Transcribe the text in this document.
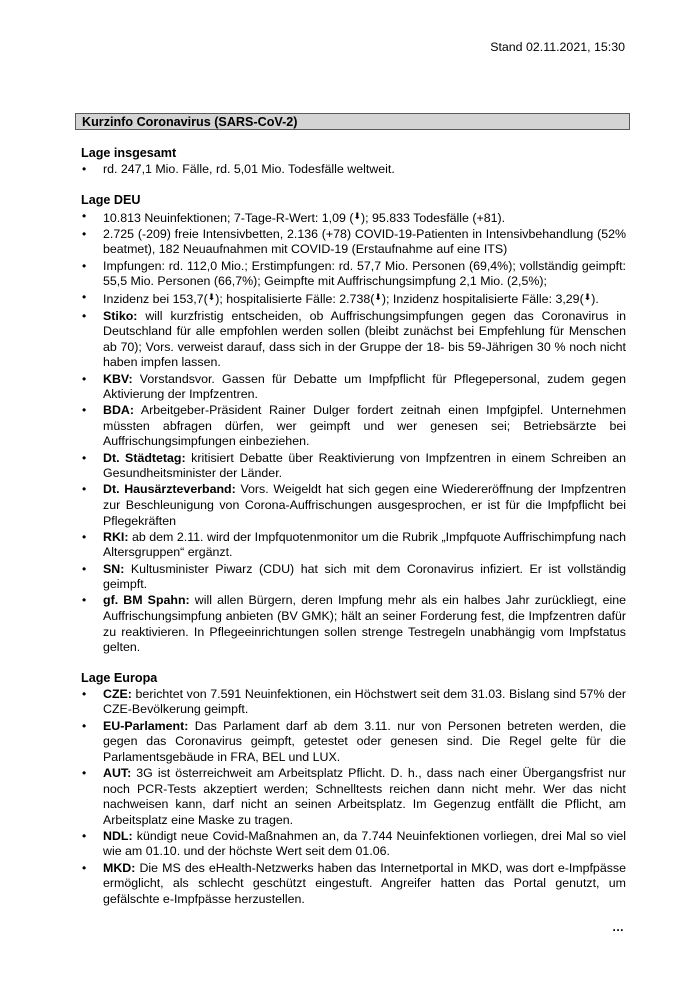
Stand 02.11.2021, 15:30
Kurzinfo Coronavirus (SARS-CoV-2)
Lage insgesamt
• rd. 247,1 Mio. Fälle, rd. 5,01 Mio. Todesfälle weltweit.
Lage DEU
• 10.813 Neuinfektionen; 7-Tage-R-Wert: 1,09 (⬇); 95.833 Todesfälle (+81).
• 2.725 (-209) freie Intensivbetten, 2.136 (+78) COVID-19-Patienten in Intensivbehandlung (52% beatmet), 182 Neuaufnahmen mit COVID-19 (Erstaufnahme auf eine ITS)
• Impfungen: rd. 112,0 Mio.; Erstimpfungen: rd. 57,7 Mio. Personen (69,4%); vollständig geimpft: 55,5 Mio. Personen (66,7%); Geimpfte mit Auffrischungsimpfung 2,1 Mio. (2,5%);
• Inzidenz bei 153,7(⬇); hospitalisierte Fälle: 2.738(⬇); Inzidenz hospitalisierte Fälle: 3,29(⬇).
• Stiko: will kurzfristig entscheiden, ob Auffrischungsimpfungen gegen das Coronavirus in Deutschland für alle empfohlen werden sollen (bleibt zunächst bei Empfehlung für Menschen ab 70); Vors. verweist darauf, dass sich in der Gruppe der 18- bis 59-Jährigen 30 % noch nicht haben impfen lassen.
• KBV: Vorstandsvor. Gassen für Debatte um Impfpflicht für Pflegepersonal, zudem gegen Aktivierung der Impfzentren.
• BDA: Arbeitgeber-Präsident Rainer Dulger fordert zeitnah einen Impfgipfel. Unternehmen müssten abfragen dürfen, wer geimpft und wer genesen sei; Betriebsärzte bei Auffrischungsimpfungen einbeziehen.
• Dt. Städtetag: kritisiert Debatte über Reaktivierung von Impfzentren in einem Schreiben an Gesundheitsminister der Länder.
• Dt. Hausärzteverband: Vors. Weigeldt hat sich gegen eine Wiedereröffnung der Impfzentren zur Beschleunigung von Corona-Auffrischungen ausgesprochen, er ist für die Impfpflicht bei Pflegekräften
• RKI: ab dem 2.11. wird der Impfquotenmonitor um die Rubrik „Impfquote Auffrischimpfung nach Altersgruppen“ ergänzt.
• SN: Kultusminister Piwarz (CDU) hat sich mit dem Coronavirus infiziert. Er ist vollständig geimpft.
• gf. BM Spahn: will allen Bürgern, deren Impfung mehr als ein halbes Jahr zurückliegt, eine Auffrischungsimpfung anbieten (BV GMK); hält an seiner Forderung fest, die Impfzentren dafür zu reaktivieren. In Pflegeeinrichtungen sollen strenge Testregeln unabhängig vom Impfstatus gelten.
Lage Europa
• CZE: berichtet von 7.591 Neuinfektionen, ein Höchstwert seit dem 31.03. Bislang sind 57% der CZE-Bevölkerung geimpft.
• EU-Parlament: Das Parlament darf ab dem 3.11. nur von Personen betreten werden, die gegen das Coronavirus geimpft, getestet oder genesen sind. Die Regel gelte für die Parlamentsgebäude in FRA, BEL und LUX.
• AUT: 3G ist österreichweit am Arbeitsplatz Pflicht. D. h., dass nach einer Übergangsfrist nur noch PCR-Tests akzeptiert werden; Schnelltests reichen dann nicht mehr. Wer das nicht nachweisen kann, darf nicht an seinen Arbeitsplatz. Im Gegenzug entfällt die Pflicht, am Arbeitsplatz eine Maske zu tragen.
• NDL: kündigt neue Covid-Maßnahmen an, da 7.744 Neuinfektionen vorliegen, drei Mal so viel wie am 01.10. und der höchste Wert seit dem 01.06.
• MKD: Die MS des eHealth-Netzwerks haben das Internetportal in MKD, was dort e-Impfpässe ermöglicht, als schlecht geschützt eingestuft. Angreifer hatten das Portal genutzt, um gefälschte e-Impfpässe herzustellen.
...
